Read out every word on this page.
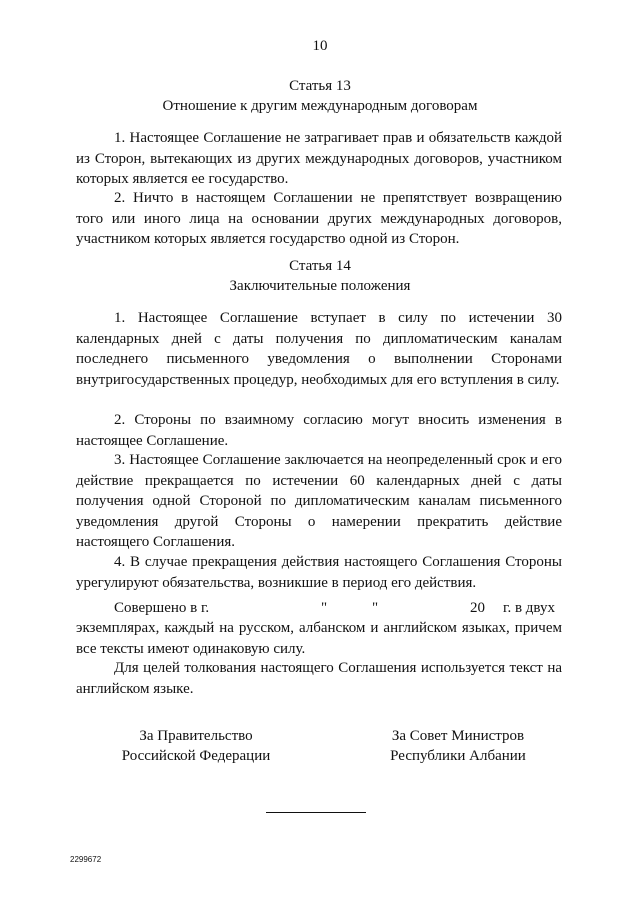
10
Статья 13
Отношение к другим международным договорам

1. Настоящее Соглашение не затрагивает прав и обязательств каждой из Сторон, вытекающих из других международных договоров, участником которых является ее государство.

2. Ничто в настоящем Соглашении не препятствует возвращению того или иного лица на основании других международных договоров, участником которых является государство одной из Сторон.

Статья 14
Заключительные положения

1. Настоящее Соглашение вступает в силу по истечении 30 календарных дней с даты получения по дипломатическим каналам последнего письменного уведомления о выполнении Сторонами внутригосударственных процедур, необходимых для его вступления в силу.

2. Стороны по взаимному согласию могут вносить изменения в настоящее Соглашение.

3. Настоящее Соглашение заключается на неопределенный срок и его действие прекращается по истечении 60 календарных дней с даты получения одной Стороной по дипломатическим каналам письменного уведомления другой Стороны о намерении прекратить действие настоящего Соглашения.

4. В случае прекращения действия настоящего Соглашения Стороны урегулируют обязательства, возникшие в период его действия.

Совершено в г.	"	"	20 г. в двух

экземплярах, каждый на русском, албанском и английском языках, причем все тексты имеют одинаковую силу.

Для целей толкования настоящего Соглашения используется текст на английском языке.

За Правительство
Российской Федерации
За Совет Министров
Республики Албании
2299672
